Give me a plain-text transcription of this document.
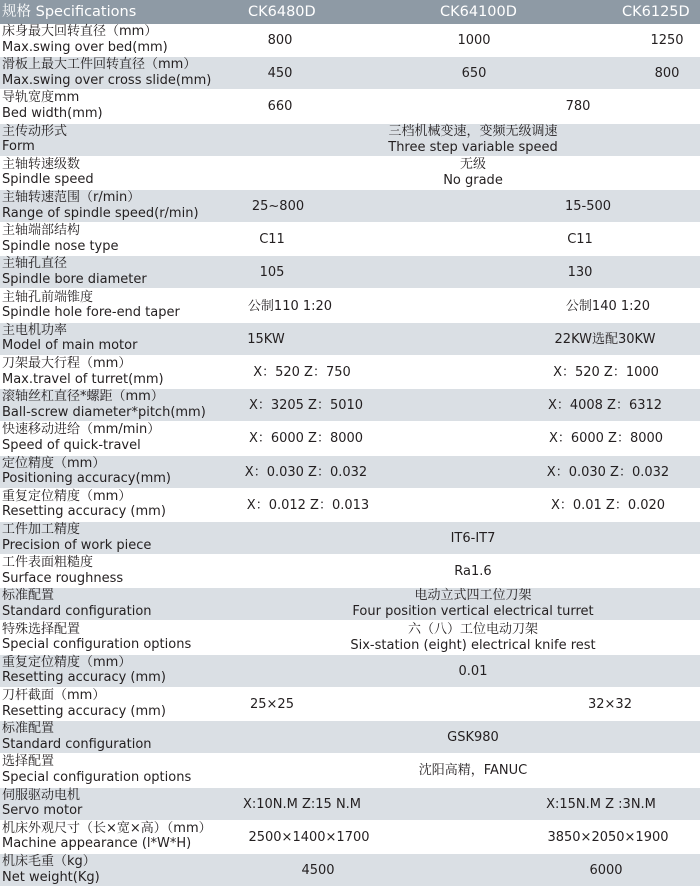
规格 Specifications	CK6480D	CK64100D	CK6125D
床身最大回转直径（mm）
Max.swing over bed(mm)	800	1000	1250
滑板上最大工件回转直径（mm）
Max.swing over cross slide(mm)	450	650	800
导轨宽度mm
Bed width(mm)	660	780
主传动形式
Form
三档机械变速，变频无级调速
Three step variable speed
主轴转速级数
Spindle speed
无级
No grade
主轴转速范围（r/min）
Range of spindle speed(r/min)	25~800	15-500
主轴端部结构
Spindle nose type	C11	C11
主轴孔直径
Spindle bore diameter	105	130
主轴孔前端锥度
Spindle hole fore-end taper	公制110 1:20	公制140 1:20
主电机功率
Model of main motor	15KW	22KW选配30KW
刀架最大行程（mm）
Max.travel of turret(mm)	X：520 Z：750	X：520 Z：1000
滚轴丝杠直径*螺距（mm）
Ball-screw diameter*pitch(mm)	X：3205 Z：5010	X：4008 Z：6312
快速移动进给（mm/min）
Speed of quick-travel	X：6000 Z：8000	X：6000 Z：8000
定位精度（mm）
Positioning accuracy(mm)	X：0.030 Z：0.032	X：0.030 Z：0.032
重复定位精度（mm）
Resetting accuracy (mm)	X：0.012 Z：0.013	X：0.01 Z：0.020
工件加工精度
Precision of work piece	IT6-IT7
工件表面粗糙度
Surface roughness	Ra1.6
标准配置
Standard configuration
电动立式四工位刀架
Four position vertical electrical turret
特殊选择配置
Special configuration options
六（八）工位电动刀架
Six-station (eight) electrical knife rest
重复定位精度（mm）
Resetting accuracy (mm)	0.01
刀杆截面（mm）
Resetting accuracy (mm)	25×25	32×32
标准配置
Standard configuration	GSK980
选择配置
Special configuration options	沈阳高精，FANUC
伺服驱动电机
Servo motor	X:10N.M Z:15 N.M	X:15N.M Z :3N.M
机床外观尺寸（长×宽×高）（mm）
Machine appearance (l*W*H)	2500×1400×1700	3850×2050×1900
机床毛重（kg）
Net weight(Kg)	4500	6000
